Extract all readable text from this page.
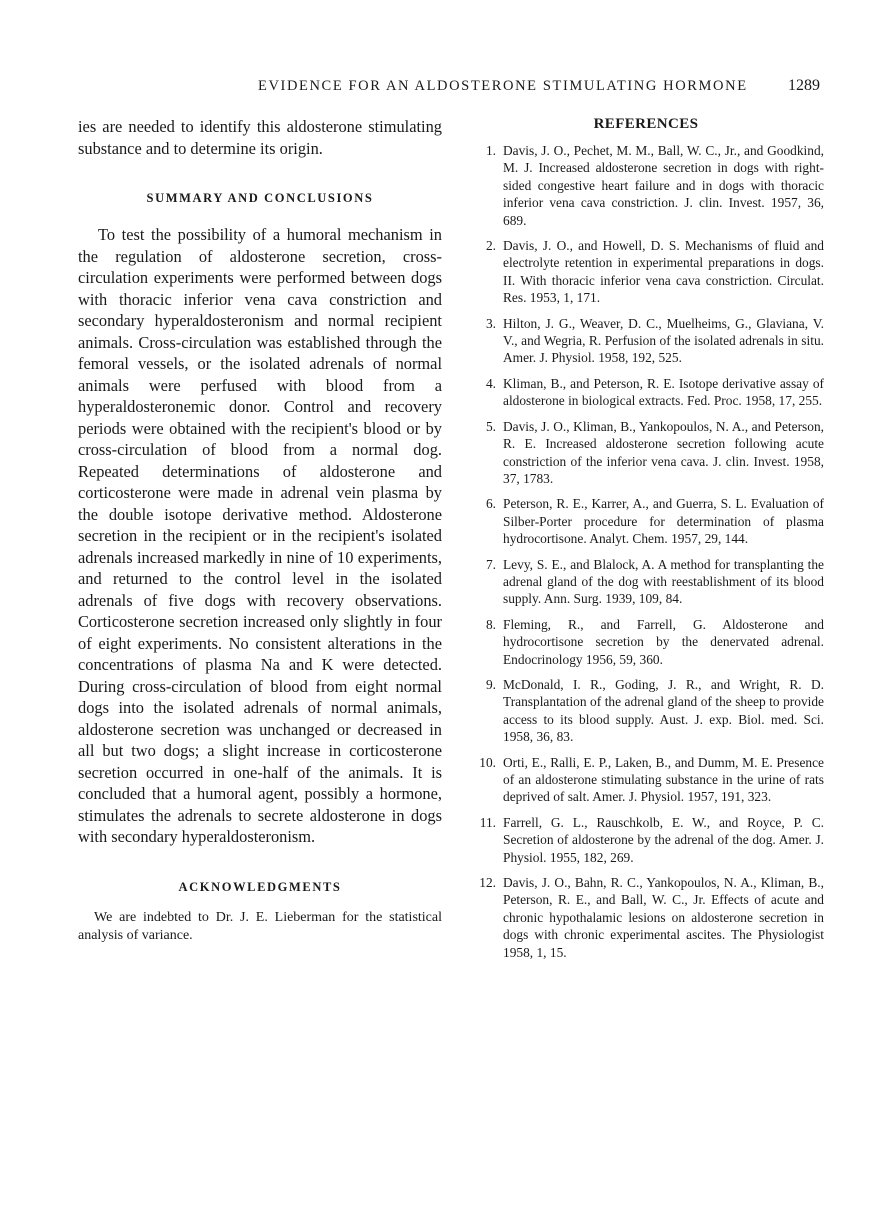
EVIDENCE FOR AN ALDOSTERONE STIMULATING HORMONE	1289

ies are needed to identify this aldosterone stimulating substance and to determine its origin.

SUMMARY AND CONCLUSIONS

To test the possibility of a humoral mechanism in the regulation of aldosterone secretion, cross-circulation experiments were performed between dogs with thoracic inferior vena cava constriction and secondary hyperaldosteronism and normal recipient animals. Cross-circulation was established through the femoral vessels, or the isolated adrenals of normal animals were perfused with blood from a hyperaldosteronemic donor. Control and recovery periods were obtained with the recipient's blood or by cross-circulation of blood from a normal dog. Repeated determinations of aldosterone and corticosterone were made in adrenal vein plasma by the double isotope derivative method. Aldosterone secretion in the recipient or in the recipient's isolated adrenals increased markedly in nine of 10 experiments, and returned to the control level in the isolated adrenals of five dogs with recovery observations. Corticosterone secretion increased only slightly in four of eight experiments. No consistent alterations in the concentrations of plasma Na and K were detected. During cross-circulation of blood from eight normal dogs into the isolated adrenals of normal animals, aldosterone secretion was unchanged or decreased in all but two dogs; a slight increase in corticosterone secretion occurred in one-half of the animals. It is concluded that a humoral agent, possibly a hormone, stimulates the adrenals to secrete aldosterone in dogs with secondary hyperaldosteronism.

ACKNOWLEDGMENTS

We are indebted to Dr. J. E. Lieberman for the statistical analysis of variance.

REFERENCES
1. Davis, J. O., Pechet, M. M., Ball, W. C., Jr., and Goodkind, M. J. Increased aldosterone secretion in dogs with right-sided congestive heart failure and in dogs with thoracic inferior vena cava constriction. J. clin. Invest. 1957, 36, 689.
2. Davis, J. O., and Howell, D. S. Mechanisms of fluid and electrolyte retention in experimental preparations in dogs. II. With thoracic inferior vena cava constriction. Circulat. Res. 1953, 1, 171.
3. Hilton, J. G., Weaver, D. C., Muelheims, G., Glaviana, V. V., and Wegria, R. Perfusion of the isolated adrenals in situ. Amer. J. Physiol. 1958, 192, 525.
4. Kliman, B., and Peterson, R. E. Isotope derivative assay of aldosterone in biological extracts. Fed. Proc. 1958, 17, 255.
5. Davis, J. O., Kliman, B., Yankopoulos, N. A., and Peterson, R. E. Increased aldosterone secretion following acute constriction of the inferior vena cava. J. clin. Invest. 1958, 37, 1783.
6. Peterson, R. E., Karrer, A., and Guerra, S. L. Evaluation of Silber-Porter procedure for determination of plasma hydrocortisone. Analyt. Chem. 1957, 29, 144.
7. Levy, S. E., and Blalock, A. A method for transplanting the adrenal gland of the dog with reestablishment of its blood supply. Ann. Surg. 1939, 109, 84.
8. Fleming, R., and Farrell, G. Aldosterone and hydrocortisone secretion by the denervated adrenal. Endocrinology 1956, 59, 360.
9. McDonald, I. R., Goding, J. R., and Wright, R. D. Transplantation of the adrenal gland of the sheep to provide access to its blood supply. Aust. J. exp. Biol. med. Sci. 1958, 36, 83.
10. Orti, E., Ralli, E. P., Laken, B., and Dumm, M. E. Presence of an aldosterone stimulating substance in the urine of rats deprived of salt. Amer. J. Physiol. 1957, 191, 323.
11. Farrell, G. L., Rauschkolb, E. W., and Royce, P. C. Secretion of aldosterone by the adrenal of the dog. Amer. J. Physiol. 1955, 182, 269.
12. Davis, J. O., Bahn, R. C., Yankopoulos, N. A., Kliman, B., Peterson, R. E., and Ball, W. C., Jr. Effects of acute and chronic hypothalamic lesions on aldosterone secretion in dogs with chronic experimental ascites. The Physiologist 1958, 1, 15.
